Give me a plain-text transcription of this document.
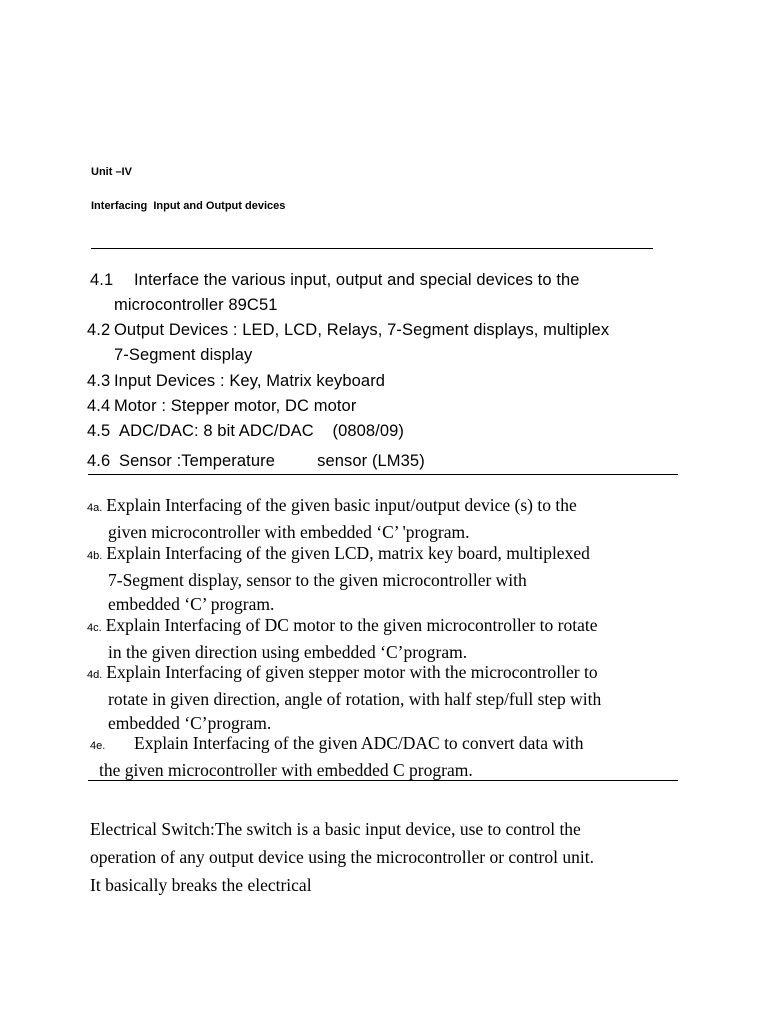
Unit –IV

Interfacing  Input and Output devices

4.1 Interface the various input, output and special devices to the
microcontroller 89C51
4.2 Output Devices : LED, LCD, Relays, 7-Segment displays, multiplex
7-Segment display
4.3 Input Devices : Key, Matrix keyboard
4.4 Motor : Stepper motor, DC motor
4.5 ADC/DAC: 8 bit ADC/DAC    (0808/09)
4.6 Sensor :Temperature         sensor (LM35)
4a. Explain Interfacing of the given basic input/output device (s) to the
given microcontroller with embedded ‘C’ 'program.
4b. Explain Interfacing of the given LCD, matrix key board, multiplexed
7-Segment display, sensor to the given microcontroller with
embedded ‘C’ program.
4c. Explain Interfacing of DC motor to the given microcontroller to rotate
in the given direction using embedded ‘C’program.
4d. Explain Interfacing of given stepper motor with the microcontroller to
rotate in given direction, angle of rotation, with half step/full step with
embedded ‘C’program.
4e. Explain Interfacing of the given ADC/DAC to convert data with
the given microcontroller with embedded C program.
Electrical Switch:The switch is a basic input device, use to control the
operation of any output device using the microcontroller or control unit.
It basically breaks the electrical
